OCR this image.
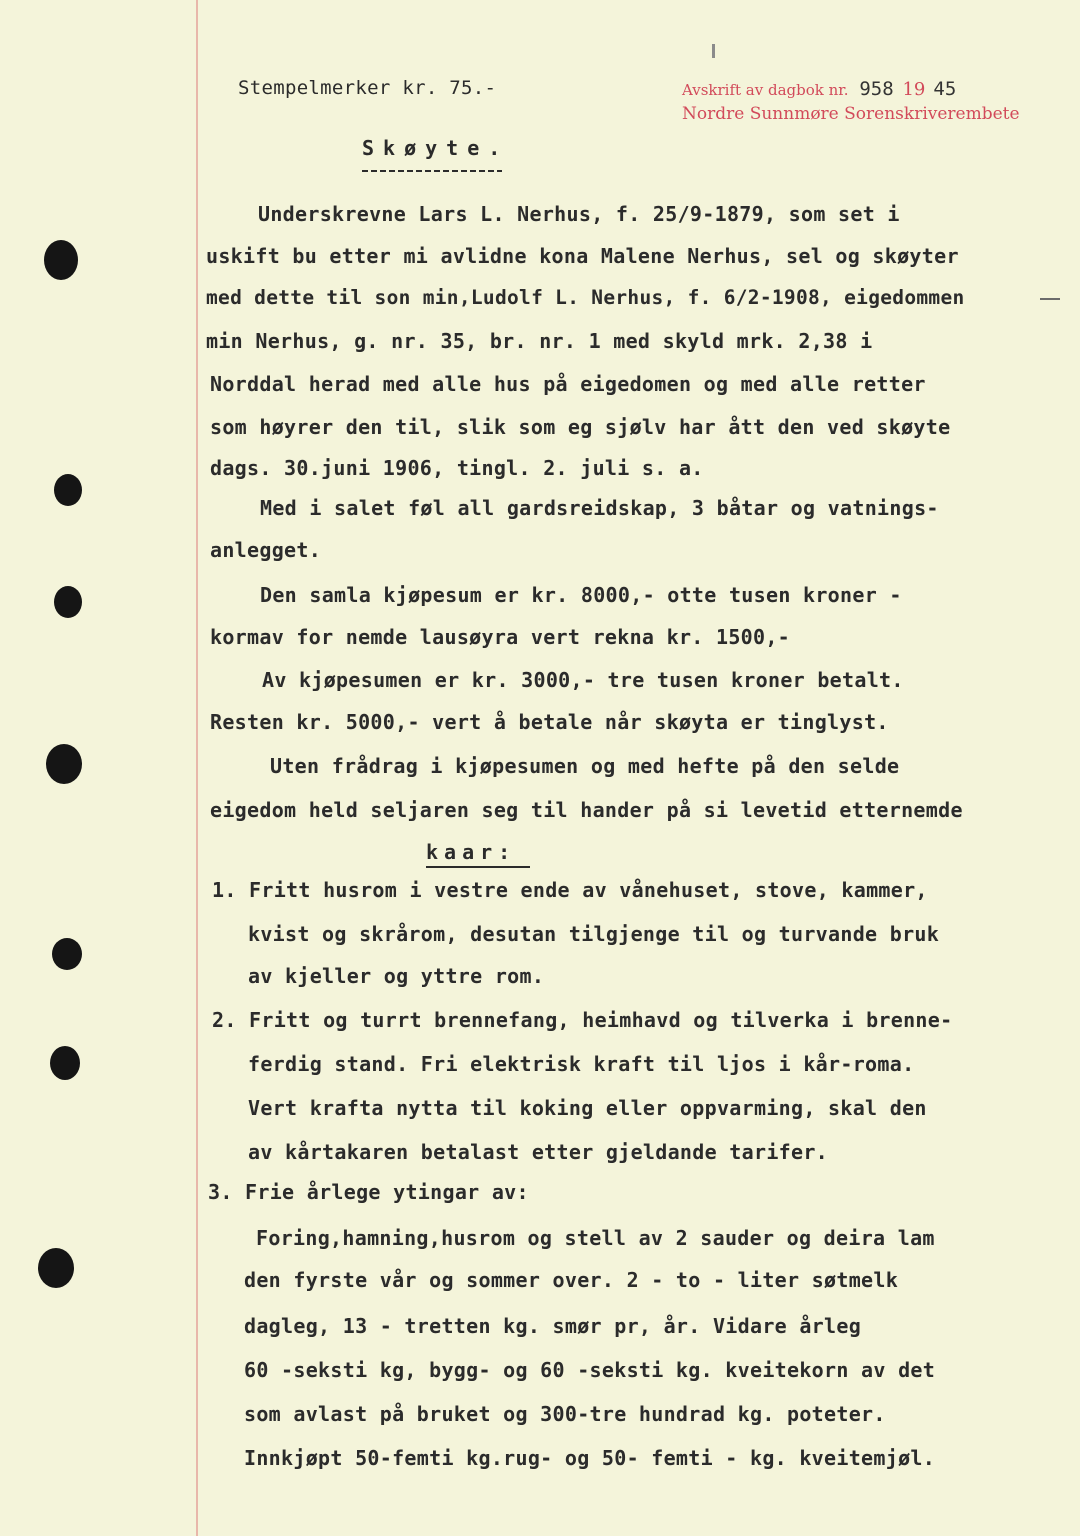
Stempelmerker kr. 75.-	Avskrift av dagbok nr. 958 19 45
Nordre Sunnmøre Sorenskriverembete
Skøyte.
Underskrevne Lars L. Nerhus, f. 25/9-1879, som set i
uskift bu etter mi avlidne kona Malene Nerhus, sel og skøyter
med dette til son min,Ludolf L. Nerhus, f. 6/2-1908, eigedommen
min Nerhus, g. nr. 35, br. nr. 1 med skyld mrk. 2,38 i
Norddal herad med alle hus på eigedomen og med alle retter
som høyrer den til, slik som eg sjølv har ått den ved skøyte
dags. 30.juni 1906, tingl. 2. juli s. a.
Med i salet føl all gardsreidskap, 3 båtar og vatnings-
anlegget.
Den samla kjøpesum er kr. 8000,- otte tusen kroner -
kormav for nemde lausøyra vert rekna kr. 1500,-
Av kjøpesumen er kr. 3000,- tre tusen kroner betalt.
Resten kr. 5000,- vert å betale når skøyta er tinglyst.
Uten frådrag i kjøpesumen og med hefte på den selde
eigedom held seljaren seg til hander på si levetid etternemde
kaar:
1. Fritt husrom i vestre ende av vånehuset, stove, kammer,
kvist og skrårom, desutan tilgjenge til og turvande bruk
av kjeller og yttre rom.
2. Fritt og turrt brennefang, heimhavd og tilverka i brenne-
ferdig stand. Fri elektrisk kraft til ljos i kår-roma.
Vert krafta nytta til koking eller oppvarming, skal den
av kårtakaren betalast etter gjeldande tarifer.
3. Frie årlege ytingar av:
Foring,hamning,husrom og stell av 2 sauder og deira lam
den fyrste vår og sommer over. 2 - to - liter søtmelk
dagleg, 13 - tretten kg. smør pr, år. Vidare årleg
60 -seksti kg, bygg- og 60 -seksti kg. kveitekorn av det
som avlast på bruket og 300-tre hundrad kg. poteter.
Innkjøpt 50-femti kg.rug- og 50- femti - kg. kveitemjøl.
